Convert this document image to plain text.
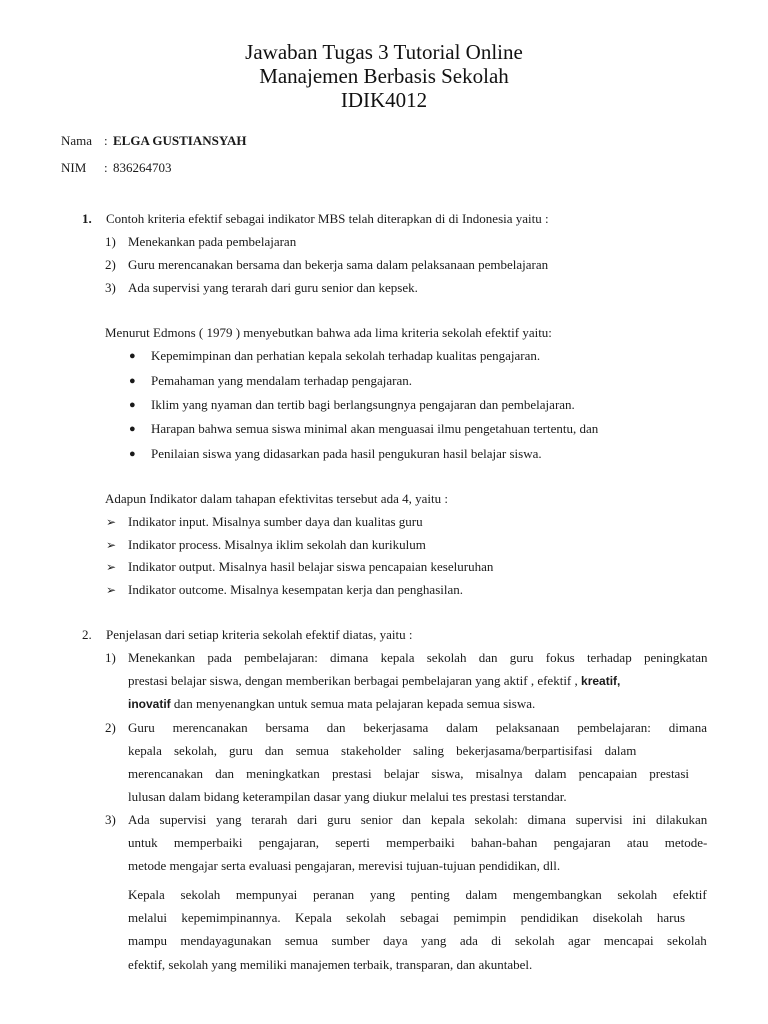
Jawaban Tugas 3 Tutorial Online
Manajemen Berbasis Sekolah
IDIK4012
Nama : ELGA GUSTIANSYAH
NIM : 836264703
1. Contoh kriteria efektif sebagai indikator MBS telah diterapkan di di Indonesia yaitu :
1) Menekankan pada pembelajaran
2) Guru merencanakan bersama dan bekerja sama dalam pelaksanaan pembelajaran
3) Ada supervisi yang terarah dari guru senior dan kepsek.
Menurut Edmons ( 1979 ) menyebutkan bahwa ada lima kriteria sekolah efektif yaitu:
● Kepemimpinan dan perhatian kepala sekolah terhadap kualitas pengajaran.
● Pemahaman yang mendalam terhadap pengajaran.
● Iklim yang nyaman dan tertib bagi berlangsungnya pengajaran dan pembelajaran.
● Harapan bahwa semua siswa minimal akan menguasai ilmu pengetahuan tertentu, dan
● Penilaian siswa yang didasarkan pada hasil pengukuran hasil belajar siswa.
Adapun Indikator dalam tahapan efektivitas tersebut ada 4, yaitu :
➢ Indikator input. Misalnya sumber daya dan kualitas guru
➢ Indikator process. Misalnya iklim sekolah dan kurikulum
➢ Indikator output. Misalnya hasil belajar siswa pencapaian keseluruhan
➢ Indikator outcome. Misalnya kesempatan kerja dan penghasilan.
2. Penjelasan dari setiap kriteria sekolah efektif diatas, yaitu :
1) Menekankan pada pembelajaran: dimana kepala sekolah dan guru fokus terhadap peningkatan
prestasi belajar siswa, dengan memberikan berbagai pembelajaran yang aktif , efektif , kreatif,
inovatif dan menyenangkan untuk semua mata pelajaran kepada semua siswa.
2) Guru merencanakan bersama dan bekerjasama dalam pelaksanaan pembelajaran: dimana
kepala sekolah, guru dan semua stakeholder saling bekerjasama/berpartisifasi dalam
merencanakan dan meningkatkan prestasi belajar siswa, misalnya dalam pencapaian prestasi
lulusan dalam bidang keterampilan dasar yang diukur melalui tes prestasi terstandar.
3) Ada supervisi yang terarah dari guru senior dan kepala sekolah: dimana supervisi ini dilakukan
untuk memperbaiki pengajaran, seperti memperbaiki bahan-bahan pengajaran atau metode-
metode mengajar serta evaluasi pengajaran, merevisi tujuan-tujuan pendidikan, dll.
Kepala sekolah mempunyai peranan yang penting dalam mengembangkan sekolah efektif
melalui kepemimpinannya. Kepala sekolah sebagai pemimpin pendidikan disekolah harus
mampu mendayagunakan semua sumber daya yang ada di sekolah agar mencapai sekolah
efektif, sekolah yang memiliki manajemen terbaik, transparan, dan akuntabel.
